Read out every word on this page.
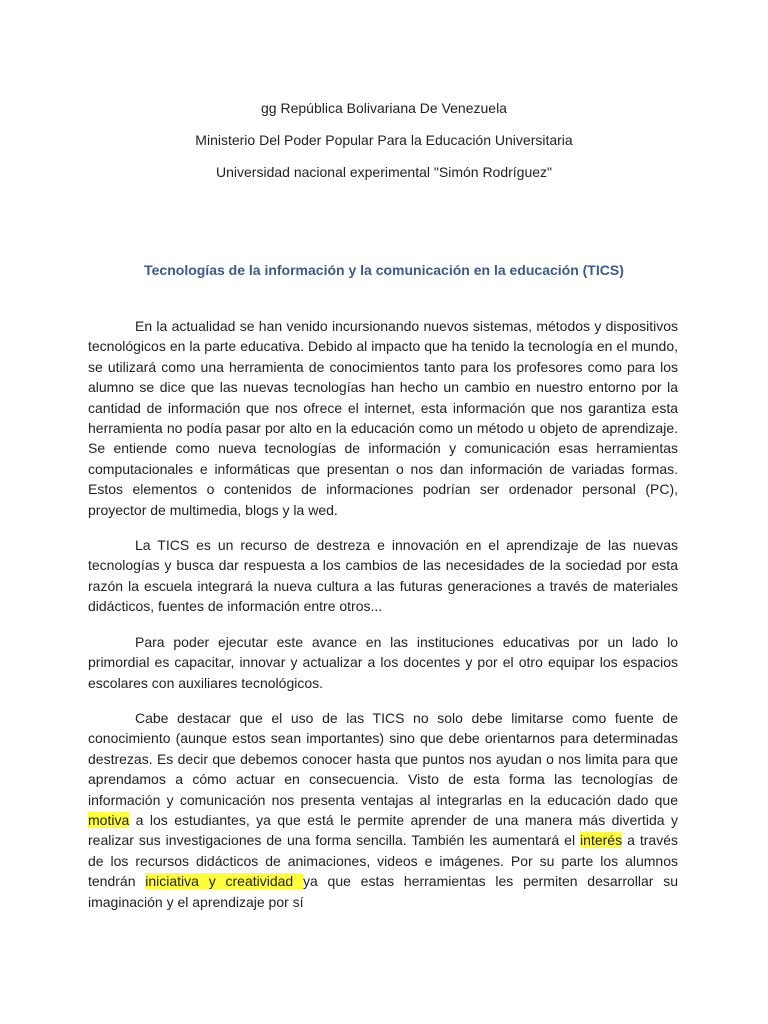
gg República Bolivariana De Venezuela
Ministerio Del Poder Popular Para la Educación Universitaria
Universidad nacional experimental "Simón Rodríguez"
Tecnologías de la información y la comunicación en la educación (TICS)

En la actualidad se han venido incursionando nuevos sistemas, métodos y dispositivos tecnológicos en la parte educativa. Debido al impacto que ha tenido la tecnología en el mundo, se utilizará como una herramienta de conocimientos tanto para los profesores como para los alumno se dice que las nuevas tecnologías han hecho un cambio en nuestro entorno por la cantidad de información que nos ofrece el internet, esta información que nos garantiza esta herramienta no podía pasar por alto en la educación como un método u objeto de aprendizaje. Se entiende como nueva tecnologías de información y comunicación esas herramientas computacionales e informáticas que presentan o nos dan información de variadas formas. Estos elementos o contenidos de informaciones podrían ser ordenador personal (PC), proyector de multimedia, blogs y la wed.

La TICS es un recurso de destreza e innovación en el aprendizaje de las nuevas tecnologías y busca dar respuesta a los cambios de las necesidades de la sociedad por esta razón la escuela integrará la nueva cultura a las futuras generaciones a través de materiales didácticos, fuentes de información entre otros...

Para poder ejecutar este avance en las instituciones educativas por un lado lo primordial es capacitar, innovar y actualizar a los docentes y por el otro equipar los espacios escolares con auxiliares tecnológicos.

Cabe destacar que el uso de las TICS no solo debe limitarse como fuente de conocimiento (aunque estos sean importantes) sino que debe orientarnos para determinadas destrezas. Es decir que debemos conocer hasta que puntos nos ayudan o nos limita para que aprendamos a cómo actuar en consecuencia. Visto de esta forma las tecnologías de información y comunicación nos presenta ventajas al integrarlas en la educación dado que motiva a los estudiantes, ya que está le permite aprender de una manera más divertida y realizar sus investigaciones de una forma sencilla. También les aumentará el interés a través de los recursos didácticos de animaciones, videos e imágenes. Por su parte los alumnos tendrán iniciativa y creatividad ya que estas herramientas les permiten desarrollar su imaginación y el aprendizaje por sí
